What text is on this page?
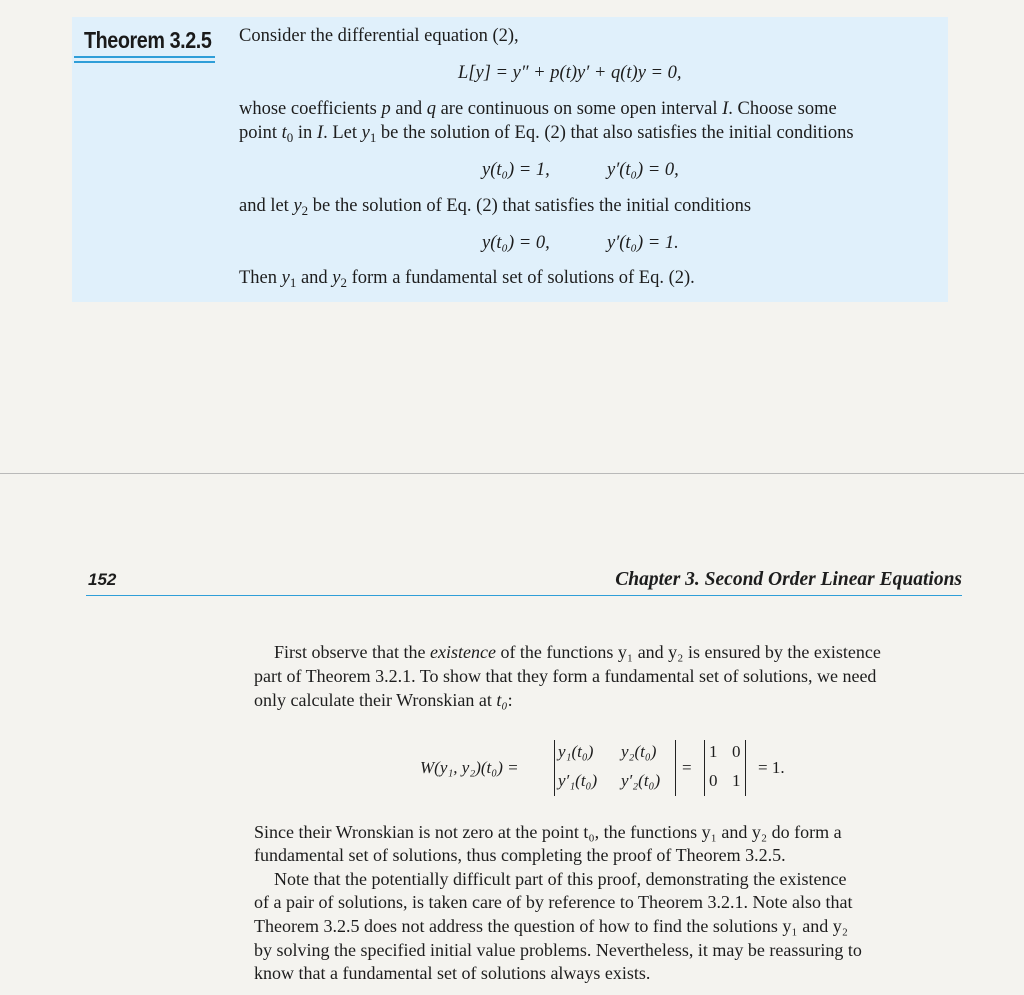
Theorem 3.2.5 Consider the differential equation (2),
L[y] = y″ + p(t)y′ + q(t)y = 0,
whose coefficients p and q are continuous on some open interval I. Choose some
point $t_0$ in I. Let $y_1$ be the solution of Eq. (2) that also satisfies the initial conditions
y(t₀) = 1,	y′(t₀) = 0,
and let $y_2$ be the solution of Eq. (2) that satisfies the initial conditions
y(t₀) = 0,	y′(t₀) = 1.
Then $y_1$ and $y_2$ form a fundamental set of solutions of Eq. (2).
152	Chapter 3. Second Order Linear Equations
First observe that the existence of the functions y₁ and y₂ is ensured by the existence
part of Theorem 3.2.1. To show that they form a fundamental set of solutions, we need
only calculate their Wronskian at t₀:
W(y₁, y₂)(t₀) =
y₁(t₀) y₂(t₀)
y′₁(t₀) y′₂(t₀)
=
1 0
0 1
= 1.
Since their Wronskian is not zero at the point t₀, the functions y₁ and y₂ do form a
fundamental set of solutions, thus completing the proof of Theorem 3.2.5.
Note that the potentially difficult part of this proof, demonstrating the existence
of a pair of solutions, is taken care of by reference to Theorem 3.2.1. Note also that
Theorem 3.2.5 does not address the question of how to find the solutions y₁ and y₂
by solving the specified initial value problems. Nevertheless, it may be reassuring to
know that a fundamental set of solutions always exists.
